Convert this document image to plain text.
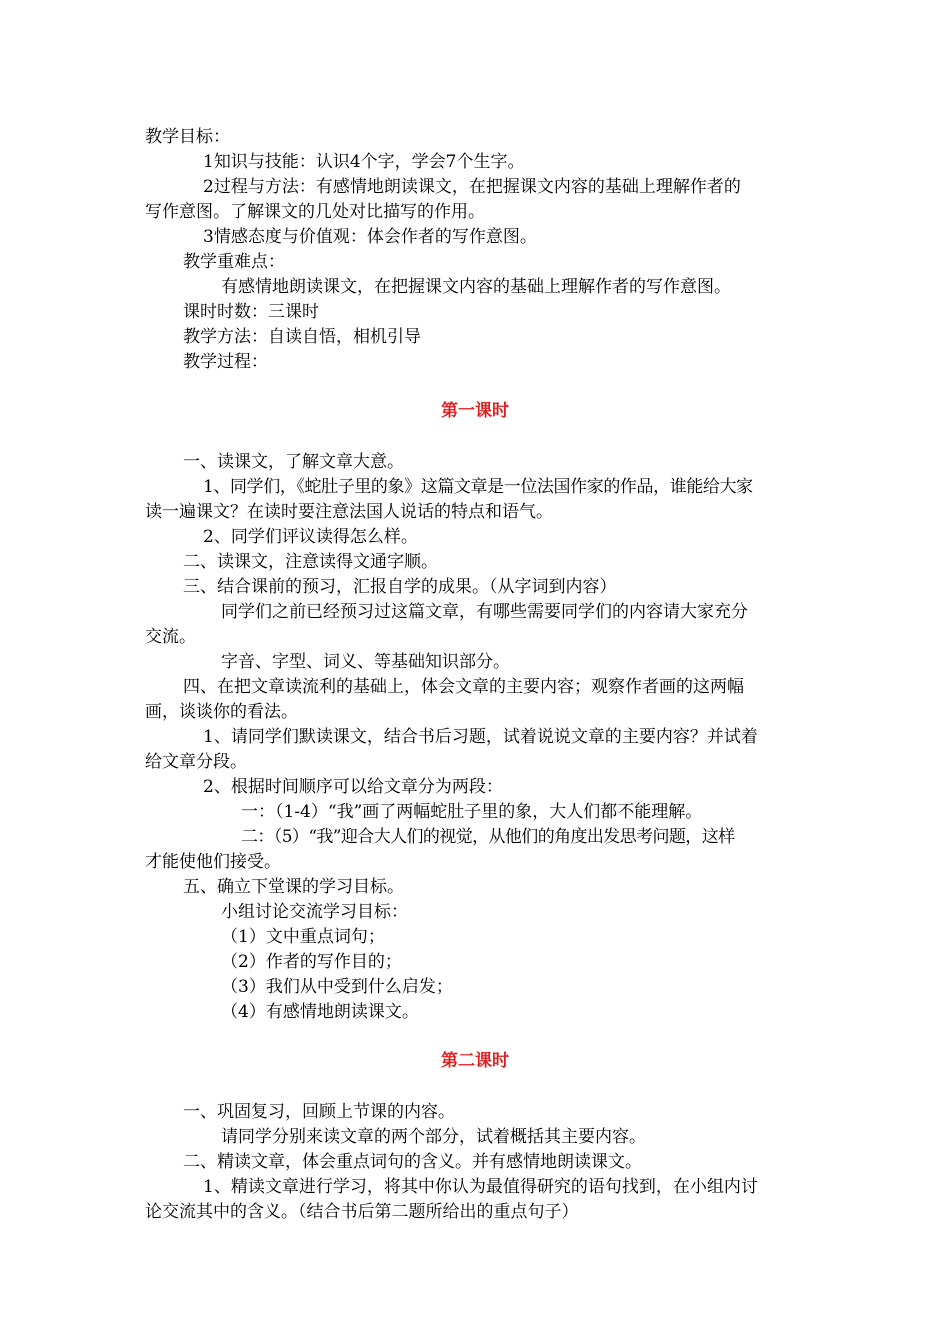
教学目标：
1知识与技能：认识4个字，学会7个生字。
2过程与方法：有感情地朗读课文，在把握课文内容的基础上理解作者的
写作意图。了解课文的几处对比描写的作用。
3情感态度与价值观：体会作者的写作意图。
教学重难点：
有感情地朗读课文，在把握课文内容的基础上理解作者的写作意图。
课时时数：三课时
教学方法：自读自悟，相机引导
教学过程：
第一课时
一、读课文，了解文章大意。
1、同学们，《蛇肚子里的象》这篇文章是一位法国作家的作品，谁能给大家
读一遍课文？在读时要注意法国人说话的特点和语气。
2、同学们评议读得怎么样。
二、读课文，注意读得文通字顺。
三、结合课前的预习，汇报自学的成果。（从字词到内容）
同学们之前已经预习过这篇文章，有哪些需要同学们的内容请大家充分
交流。
字音、字型、词义、等基础知识部分。
四、在把文章读流利的基础上，体会文章的主要内容；观察作者画的这两幅
画，谈谈你的看法。
1、请同学们默读课文，结合书后习题，试着说说文章的主要内容？并试着
给文章分段。
2、根据时间顺序可以给文章分为两段：
一：（1-4）“我”画了两幅蛇肚子里的象，大人们都不能理解。
二：（5）“我”迎合大人们的视觉，从他们的角度出发思考问题，这样
才能使他们接受。
五、确立下堂课的学习目标。
小组讨论交流学习目标：
（1）文中重点词句；
（2）作者的写作目的；
（3）我们从中受到什么启发；
（4）有感情地朗读课文。
第二课时
一、巩固复习，回顾上节课的内容。
请同学分别来读文章的两个部分，试着概括其主要内容。
二、精读文章，体会重点词句的含义。并有感情地朗读课文。
1、精读文章进行学习，将其中你认为最值得研究的语句找到，在小组内讨
论交流其中的含义。（结合书后第二题所给出的重点句子）
